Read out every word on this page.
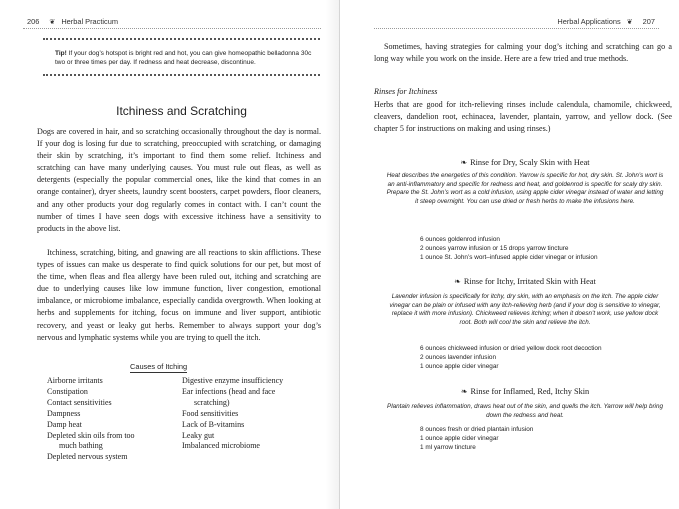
206 ❦ Herbal Practicum
Tip! If your dog’s hotspot is bright red and hot, you can give homeopathic belladonna 30c two or three times per day. If redness and heat decrease, discontinue.
Itchiness and Scratching
Dogs are covered in hair, and so scratching occasionally throughout the day is normal. If your dog is losing fur due to scratching, preoccupied with scratching, or damaging their skin by scratching, it’s important to find them some relief. Itchiness and scratching can have many underlying causes. You must rule out fleas, as well as detergents (especially the popular commercial ones, like the kind that comes in an orange container), dryer sheets, laundry scent boosters, carpet powders, floor cleaners, and any other products your dog regularly comes in contact with. I can’t count the number of times I have seen dogs with excessive itchiness have a sensitivity to products in the above list.
Itchiness, scratching, biting, and gnawing are all reactions to skin afflictions. These types of issues can make us desperate to find quick solutions for our pet, but most of the time, when fleas and flea allergy have been ruled out, itching and scratching are due to underlying causes like low immune function, liver congestion, emotional imbalance, or microbiome imbalance, especially candida overgrowth. When looking at herbs and supplements for itching, focus on immune and liver support, antibiotic recovery, and yeast or leaky gut herbs. Remember to always support your dog’s nervous and lymphatic systems while you are trying to quell the itch.
Causes of Itching
Airborne irritants
Constipation
Contact sensitivities
Dampness
Damp heat
Depleted skin oils from too
much bathing
Depleted nervous system
Digestive enzyme insufficiency
Ear infections (head and face
scratching)
Food sensitivities
Lack of B-vitamins
Leaky gut
Imbalanced microbiome
Herbal Applications ❦ 207
Sometimes, having strategies for calming your dog’s itching and scratching can go a long way while you work on the inside. Here are a few tried and true methods.
Rinses for Itchiness
Herbs that are good for itch-relieving rinses include calendula, chamomile, chickweed, cleavers, dandelion root, echinacea, lavender, plantain, yarrow, and yellow dock. (See chapter 5 for instructions on making and using rinses.)
❧ Rinse for Dry, Scaly Skin with Heat
Heat describes the energetics of this condition. Yarrow is specific for hot, dry skin. St. John’s wort is an anti-inflammatory and specific for redness and heat, and goldenrod is specific for scaly dry skin. Prepare the St. John’s wort as a cold infusion, using apple cider vinegar instead of water and letting it steep overnight. You can use dried or fresh herbs to make the infusions here.
6 ounces goldenrod infusion
2 ounces yarrow infusion or 15 drops yarrow tincture
1 ounce St. John’s wort–infused apple cider vinegar or infusion
❧ Rinse for Itchy, Irritated Skin with Heat
Lavender infusion is specifically for itchy, dry skin, with an emphasis on the itch. The apple cider vinegar can be plain or infused with any itch-relieving herb (and if your dog is sensitive to vinegar, replace it with more infusion). Chickweed relieves itching; when it doesn’t work, use yellow dock root. Both will cool the skin and relieve the itch.
6 ounces chickweed infusion or dried yellow dock root decoction
2 ounces lavender infusion
1 ounce apple cider vinegar
❧ Rinse for Inflamed, Red, Itchy Skin
Plantain relieves inflammation, draws heat out of the skin, and quells the itch. Yarrow will help bring down the redness and heat.
8 ounces fresh or dried plantain infusion
1 ounce apple cider vinegar
1 ml yarrow tincture
